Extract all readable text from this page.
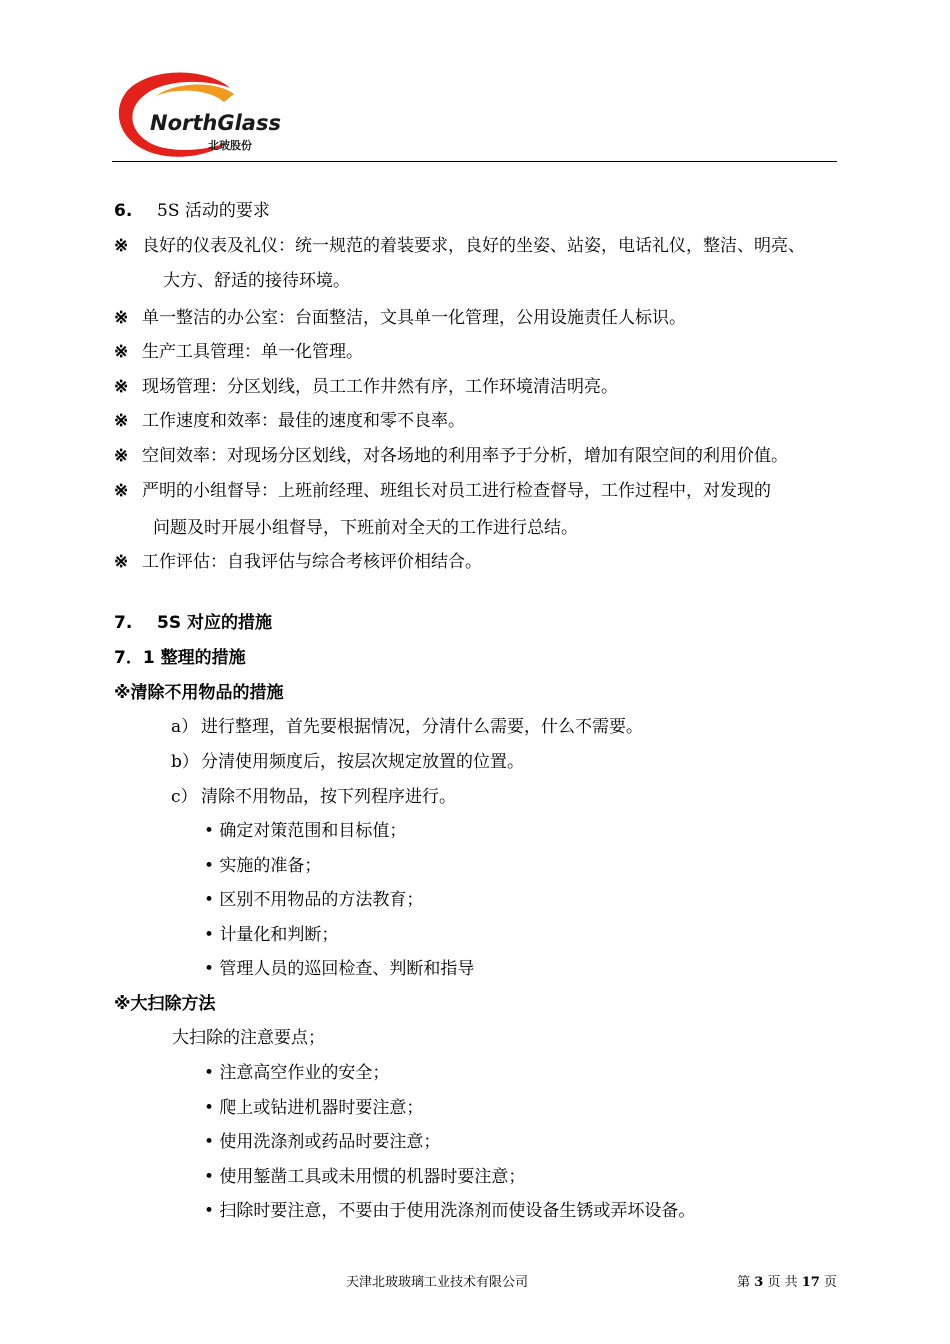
NorthGlass
北玻股份
6. 5S 活动的要求
※ 良好的仪表及礼仪：统一规范的着装要求，良好的坐姿、站姿，电话礼仪，整洁、明亮、
大方、舒适的接待环境。
※ 单一整洁的办公室：台面整洁，文具单一化管理，公用设施责任人标识。
※ 生产工具管理：单一化管理。
※ 现场管理：分区划线，员工工作井然有序，工作环境清洁明亮。
※ 工作速度和效率：最佳的速度和零不良率。
※ 空间效率：对现场分区划线，对各场地的利用率予于分析，增加有限空间的利用价值。
※ 严明的小组督导：上班前经理、班组长对员工进行检查督导，工作过程中，对发现的
问题及时开展小组督导，下班前对全天的工作进行总结。
※ 工作评估：自我评估与综合考核评价相结合。
7. 5S 对应的措施
7．1 整理的措施
※清除不用物品的措施
a） 进行整理，首先要根据情况，分清什么需要，什么不需要。
b） 分清使用频度后，按层次规定放置的位置。
c） 清除不用物品，按下列程序进行。
• 确定对策范围和目标值；
• 实施的准备；
• 区别不用物品的方法教育；
• 计量化和判断；
• 管理人员的巡回检查、判断和指导
※大扫除方法
大扫除的注意要点；
• 注意高空作业的安全；
• 爬上或钻进机器时要注意；
• 使用洗涤剂或药品时要注意；
• 使用錾凿工具或未用惯的机器时要注意；
• 扫除时要注意，不要由于使用洗涤剂而使设备生锈或弄坏设备。
天津北玻玻璃工业技术有限公司	第 3 页 共 17 页
